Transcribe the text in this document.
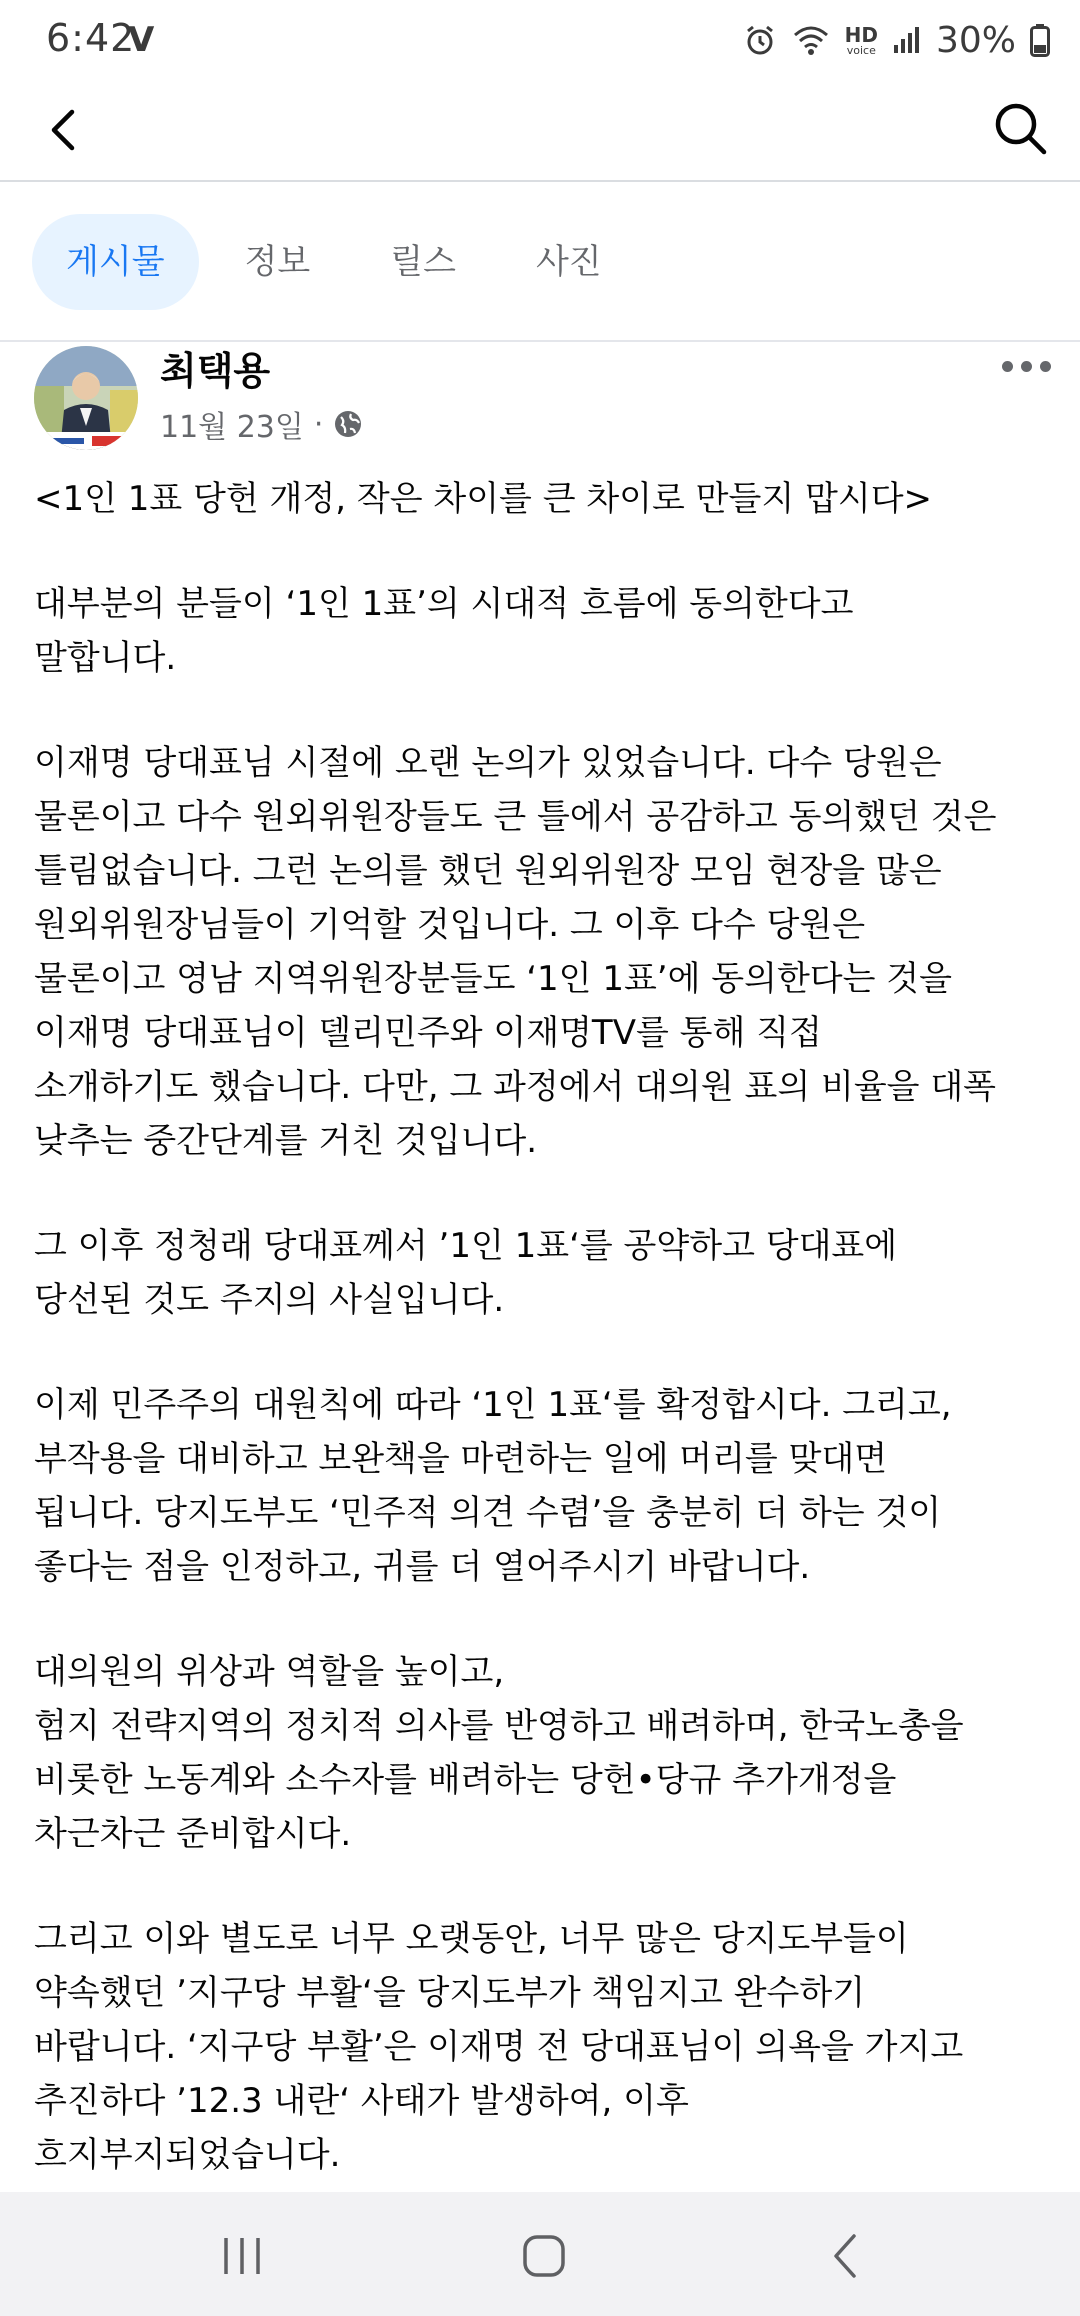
6:42
V	HD
voice 30%
게시물	정보	릴스	사진
최택용
11월 23일 ·
<1인 1표 당헌 개정, 작은 차이를 큰 차이로 만들지 맙시다>
대부분의 분들이 ‘1인 1표’의 시대적 흐름에 동의한다고
말합니다.
이재명 당대표님 시절에 오랜 논의가 있었습니다. 다수 당원은
물론이고 다수 원외위원장들도 큰 틀에서 공감하고 동의했던 것은
틀림없습니다. 그런 논의를 했던 원외위원장 모임 현장을 많은
원외위원장님들이 기억할 것입니다. 그 이후 다수 당원은
물론이고 영남 지역위원장분들도 ‘1인 1표’에 동의한다는 것을
이재명 당대표님이 델리민주와 이재명TV를 통해 직접
소개하기도 했습니다. 다만, 그 과정에서 대의원 표의 비율을 대폭
낮추는 중간단계를 거친 것입니다.
그 이후 정청래 당대표께서 ’1인 1표‘를 공약하고 당대표에
당선된 것도 주지의 사실입니다.
이제 민주주의 대원칙에 따라 ‘1인 1표‘를 확정합시다. 그리고,
부작용을 대비하고 보완책을 마련하는 일에 머리를 맞대면
됩니다. 당지도부도 ‘민주적 의견 수렴’을 충분히 더 하는 것이
좋다는 점을 인정하고, 귀를 더 열어주시기 바랍니다.
대의원의 위상과 역할을 높이고,
험지 전략지역의 정치적 의사를 반영하고 배려하며, 한국노총을
비롯한 노동계와 소수자를 배려하는 당헌•당규 추가개정을
차근차근 준비합시다.
그리고 이와 별도로 너무 오랫동안, 너무 많은 당지도부들이
약속했던 ’지구당 부활‘을 당지도부가 책임지고 완수하기
바랍니다. ‘지구당 부활’은 이재명 전 당대표님이 의욕을 가지고
추진하다 ’12.3 내란‘ 사태가 발생하여, 이후
흐지부지되었습니다.
